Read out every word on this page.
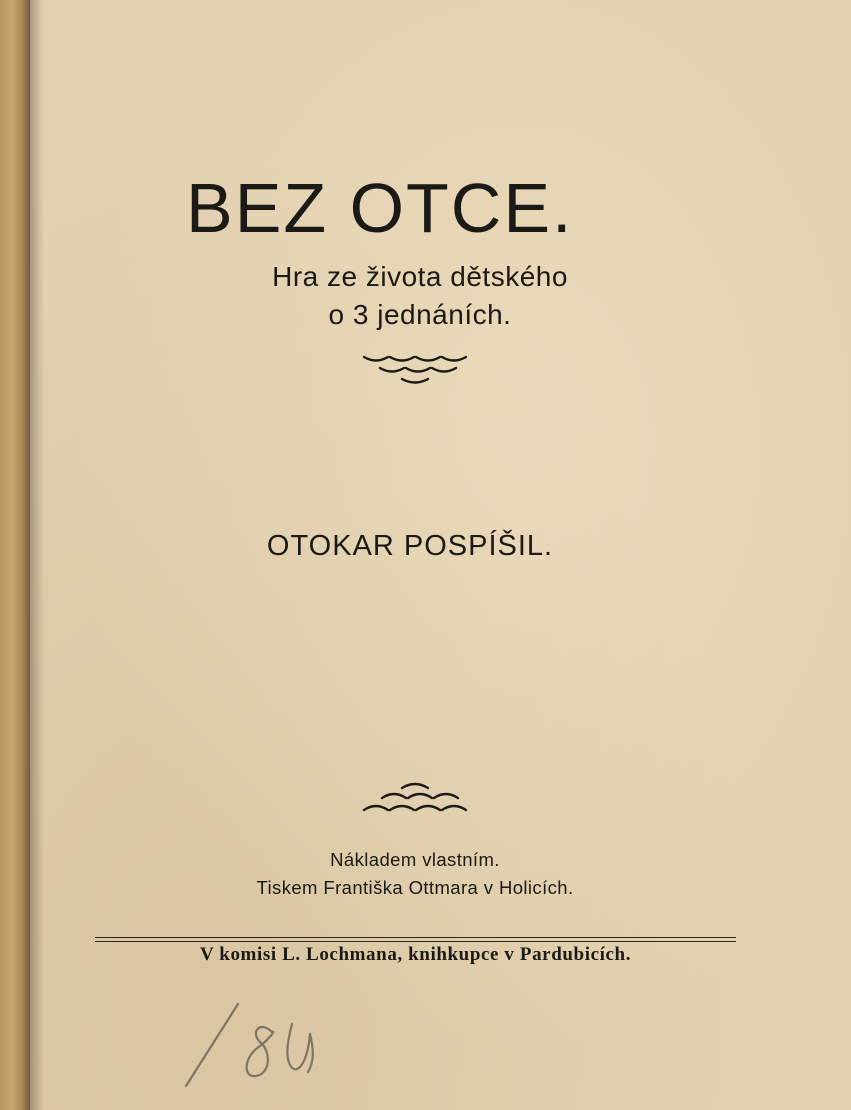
BEZ OTCE.
Hra ze života dětského
o 3 jednáních.
OTOKAR POSPÍŠIL.
Nákladem vlastním.
Tiskem Františka Ottmara v Holicích.
V komisi L. Lochmana, knihkupce v Pardubicích.
